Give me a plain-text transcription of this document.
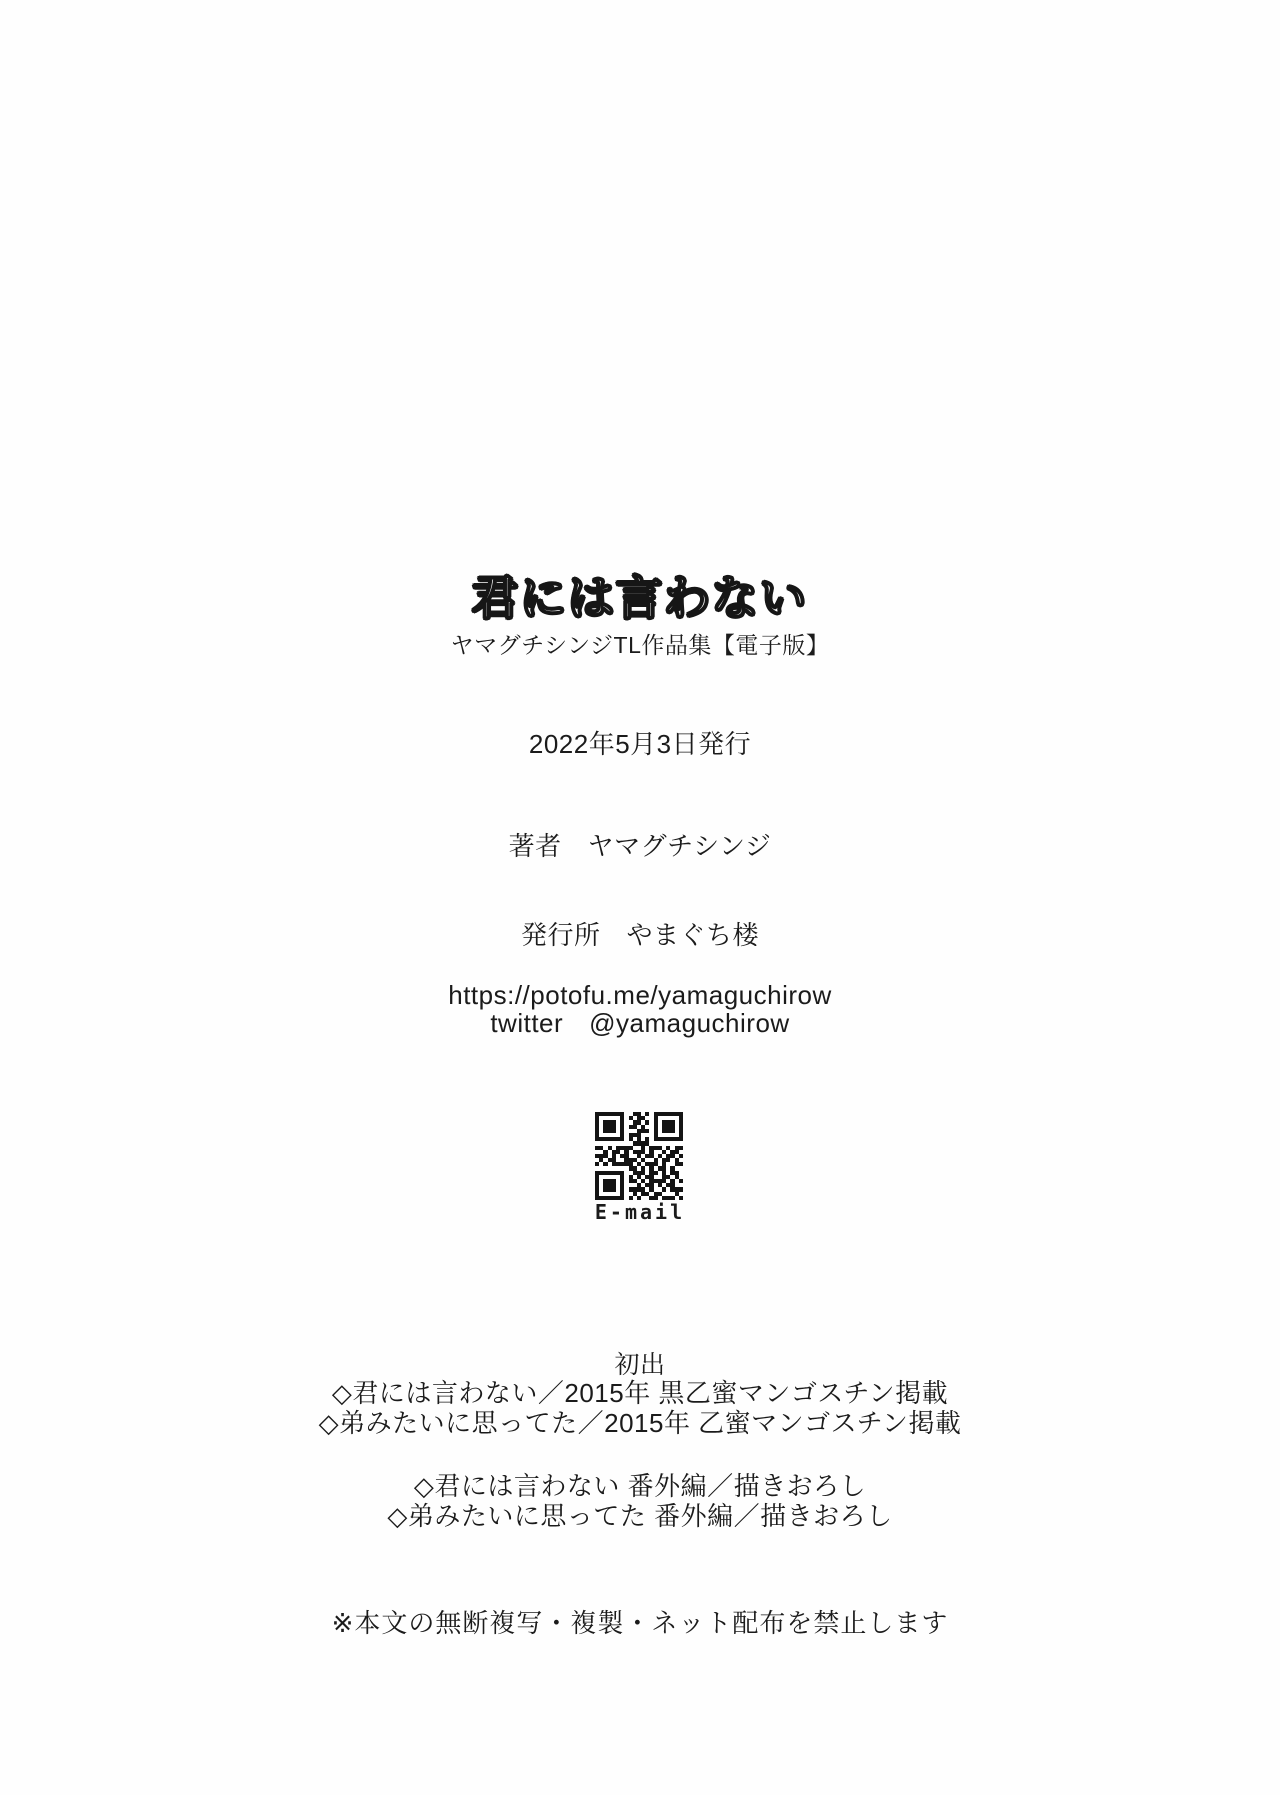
君には言わない
ヤマグチシンジTL作品集【電子版】
2022年5月3日発行
著者 ヤマグチシンジ
発行所 やまぐち楼
https://potofu.me/yamaguchirow
twitter @yamaguchirow
E-mail
初出
◇君には言わない／2015年 黒乙蜜マンゴスチン掲載
◇弟みたいに思ってた／2015年 乙蜜マンゴスチン掲載
◇君には言わない 番外編／描きおろし
◇弟みたいに思ってた 番外編／描きおろし
※本文の無断複写・複製・ネット配布を禁止します
